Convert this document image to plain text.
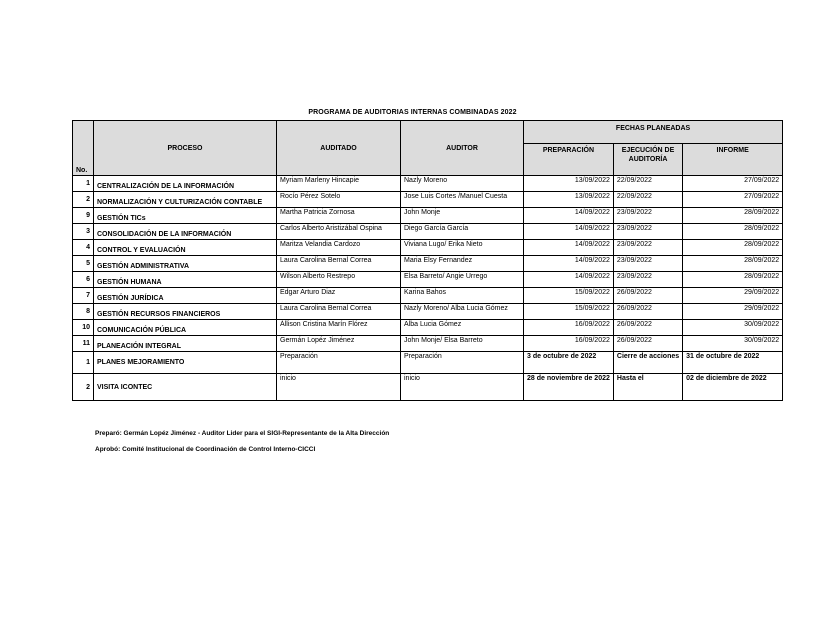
PROGRAMA DE AUDITORIAS INTERNAS COMBINADAS 2022
No.	PROCESO	AUDITADO	AUDITOR	FECHAS PLANEADAS		
				PREPARACIÓN	EJECUCIÓN DE AUDITORÍA	INFORME
1	CENTRALIZACIÓN DE LA INFORMACIÓN	Myriam Marleny Hincapie	Nazly Moreno	13/09/2022	22/09/2022	27/09/2022
2	NORMALIZACIÓN Y CULTURIZACIÓN CONTABLE	Rocío Pérez Sotelo	Jose Luis Cortes /Manuel Cuesta	13/09/2022	22/09/2022	27/09/2022
9	GESTIÓN TICs	Martha Patricia Zornosa	John Monje	14/09/2022	23/09/2022	28/09/2022
3	CONSOLIDACIÓN DE LA INFORMACIÓN	Carlos Alberto Aristizábal Ospina	Diego García García	14/09/2022	23/09/2022	28/09/2022
4	CONTROL Y EVALUACIÓN	Maritza Velandia Cardozo	Viviana Lugo/ Erika Nieto	14/09/2022	23/09/2022	28/09/2022
5	GESTIÓN ADMINISTRATIVA	Laura Carolina Bernal Correa	Maria Elsy Fernandez	14/09/2022	23/09/2022	28/09/2022
6	GESTIÓN HUMANA	Wilson Alberto Restrepo	Elsa Barreto/ Angie Urrego	14/09/2022	23/09/2022	28/09/2022
7	GESTIÓN JURÍDICA	Edgar Arturo Diaz	Karina Bahos	15/09/2022	26/09/2022	29/09/2022
8	GESTIÓN RECURSOS FINANCIEROS	Laura Carolina Bernal Correa	Nazly Moreno/ Alba Lucia Gómez	15/09/2022	26/09/2022	29/09/2022
10	COMUNICACIÓN PÚBLICA	Állison Cristina Marín Flórez	Alba Lucia Gómez	16/09/2022	26/09/2022	30/09/2022
11	PLANEACIÓN INTEGRAL	Germán Lopéz Jiménez	John Monje/ Elsa Barreto	16/09/2022	26/09/2022	30/09/2022
1	PLANES MEJORAMIENTO	Preparación	Preparación	3 de octubre de 2022	Cierre de acciones	31 de octubre de 2022
2	VISITA ICONTEC	inicio	inicio	28 de noviembre de 2022	Hasta el	02 de diciembre de 2022
Preparó: Germán Lopéz Jiménez - Auditor Lider para el SIGI-Representante de la Alta Dirección
Aprobó: Comité Institucional de Coordinación de Control Interno-CICCI
